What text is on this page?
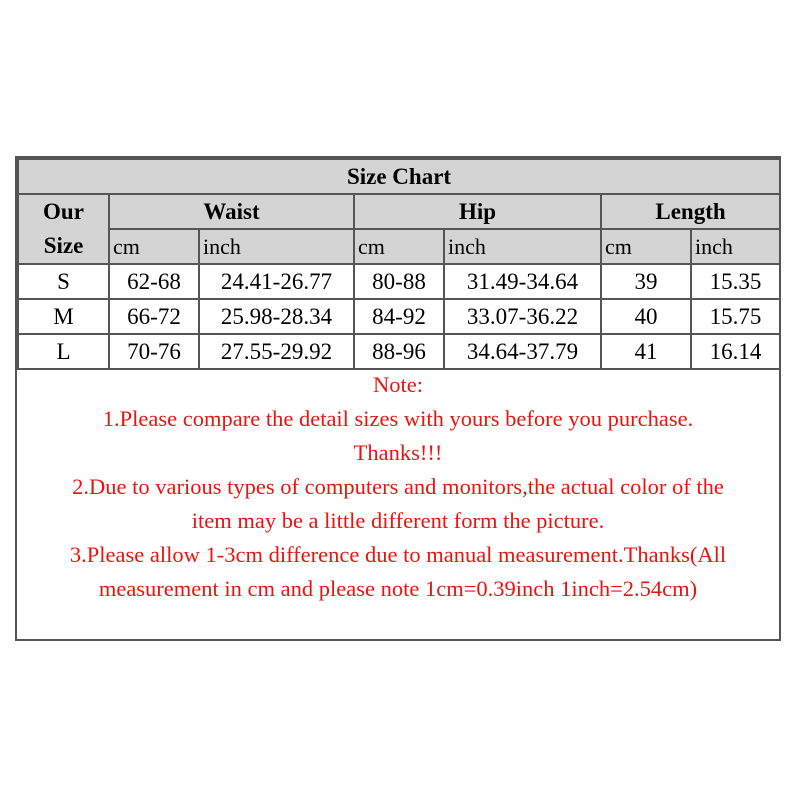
Size Chart						

Our
Size	Waist		Hip		Length	
	cm	inch	cm	inch	cm	inch
S	62-68	24.41-26.77	80-88	31.49-34.64	39	15.35
M	66-72	25.98-28.34	84-92	33.07-36.22	40	15.75
L	70-76	27.55-29.92	88-96	34.64-37.79	41	16.14
Note:
1.Please compare the detail sizes with yours before you purchase.
Thanks!!!
2.Due to various types of computers and monitors,the actual color of the
item may be a little different form the picture.
3.Please allow 1-3cm difference due to manual measurement.Thanks(All
measurement in cm and please note 1cm=0.39inch 1inch=2.54cm)
